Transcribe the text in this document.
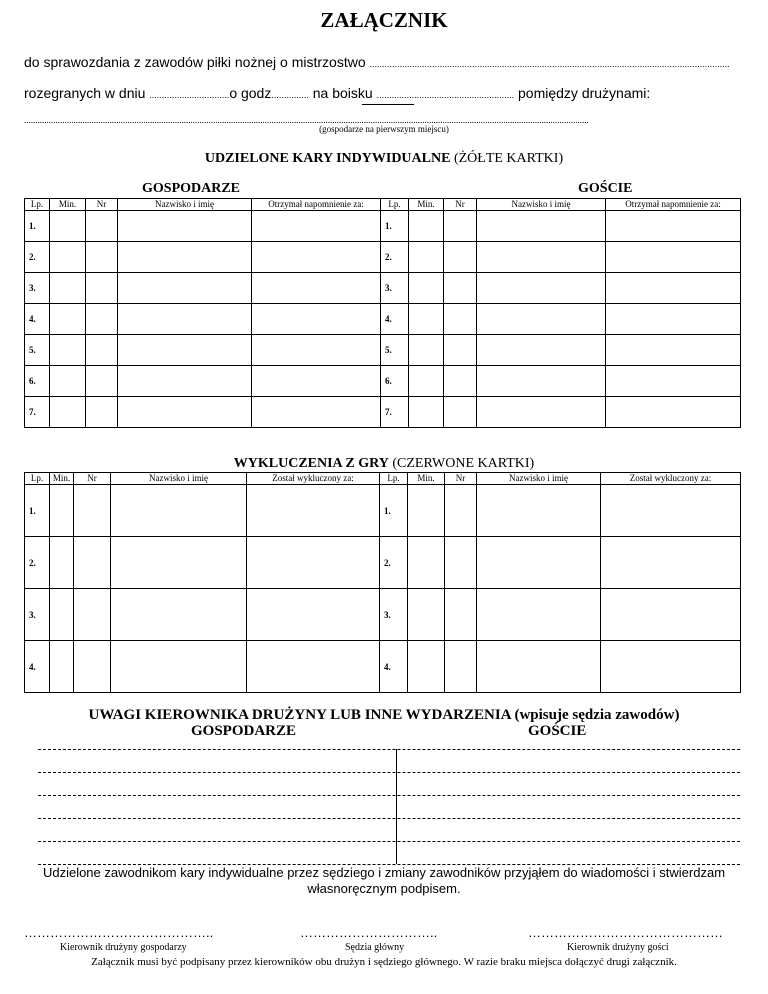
ZAŁĄCZNIK
do sprawozdania z zawodów piłki nożnej o mistrzostwo ................................................................................................................................................
rozegranych w dniu ................................o godz............... na boisku ....................................................... pomiędzy drużynami:
...........................................................................................................................................................................................................................................................
(gospodarze na pierwszym miejscu)
UDZIELONE KARY INDYWIDUALNE (ŻÓŁTE KARTKI)
GOSPODARZE	GOŚCIE
Lp.	Min.	Nr	Nazwisko i imię	Otrzymał napomnienie za:	Lp.	Min.	Nr	Nazwisko i imię	Otrzymał napomnienie za:
1.					1.				
2.					2.				
3.					3.				
4.					4.				
5.					5.				
6.					6.				
7.					7.				
WYKLUCZENIA Z GRY (CZERWONE KARTKI)
Lp.	Min.	Nr	Nazwisko i imię	Został wykluczony za:	Lp.	Min.	Nr	Nazwisko i imię	Został wykluczony za:
1.					1.				
2.					2.				
3.					3.				
4.					4.				
UWAGI KIEROWNIKA DRUŻYNY LUB INNE WYDARZENIA (wpisuje sędzia zawodów)
GOSPODARZE	GOŚCIE
Udzielone zawodnikom kary indywidualne przez sędziego i zmiany zawodników przyjąłem do wiadomości i stwierdzam
własnoręcznym podpisem.
……………………………………..	…………………………..	………………………………………
Kierownik drużyny gospodarzy	Sędzia główny	Kierownik drużyny gości
Załącznik musi być podpisany przez kierowników obu drużyn i sędziego głównego. W razie braku miejsca dołączyć drugi załącznik.
